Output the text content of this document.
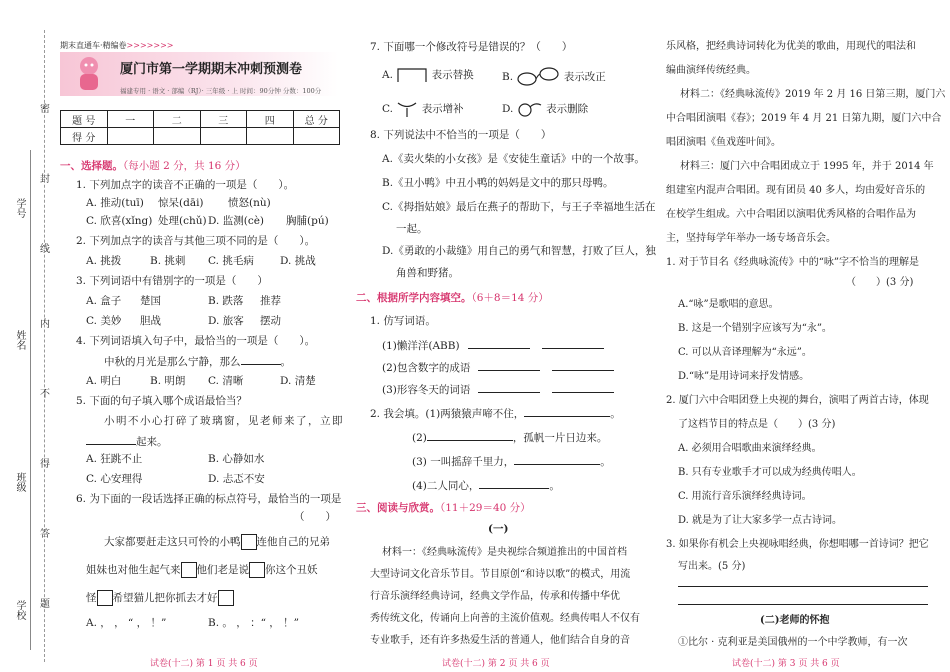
密
封
线
内
不
得
答
题
学号
姓名
班级
学校
期末直通车·精编卷>>>>>>>
厦门市第一学期期末冲刺预测卷
福建专用 · 语文 · 部编（RJ）· 三年级 · 上 时间：90分钟 分数：100分
题 号	一	二	三	四	总 分
得 分					
一、选择题。（每小题 2 分，共 16 分）
1. 下列加点字的读音不正确的一项是（　　）。
A. 推动(tuī) 惊呆(dāi) 愤怒(nù)
C. 欣喜(xǐng) 处理(chǔ) D. 监测(cè) 胸脯(pú)
2. 下列加点字的读音与其他三项不同的是（　　）。
A. 挑拨	B. 挑刺 C. 挑毛病 D. 挑战
3. 下列词语中有错别字的一项是（　　）
A. 盒子 楚国	B. 跌落 推荐
C. 美妙 胆战	D. 旅客 摆动
4. 下列词语填入句子中，最恰当的一项是（　　）。
中秋的月光是那么宁静，那么	。
A. 明白	B. 明朗 C. 清晰	D. 清楚
5. 下面的句子填入哪个成语最恰当？
小明不小心打碎了玻璃窗，见老师来了，立即
起来。
A. 狂跳不止	B. 心静如水
C. 心安理得	D. 忐忑不安
6. 为下面的一段话选择正确的标点符号，最恰当的一项是
（　　）
大家都要赶走这只可怜的小鸭 连他自己的兄弟
姐妹也对他生起气来 他们老是说 你这个丑妖
怪 希望猫儿把你抓去才好
A. ， ， “ ， ！”	B. 。 ， ：“ ， ！”
试卷(十二) 第 1 页 共 6 页
7. 下面哪一个修改符号是错误的？（　　）
A.	表示替换	B.	表示改正
C.	表示增补	D.	表示删除
8. 下列说法中不恰当的一项是（　　）
A.《卖火柴的小女孩》是《安徒生童话》中的一个故事。
B.《丑小鸭》中丑小鸭的妈妈是文中的那只母鸭。
C.《拇指姑娘》最后在燕子的帮助下，与王子幸福地生活在
一起。
D.《勇敢的小裁缝》用自己的勇气和智慧，打败了巨人，独
角兽和野猪。
二、根据所学内容填空。（6＋8＝14 分）
1. 仿写词语。
(1)懒洋洋(ABB)
(2)包含数字的成语
(3)形容冬天的词语
2. 我会填。(1)两猿猿声啼不住，	。
(2)	，孤帆一片日边来。
(3) 一叫摇辞千里力，	。
(4)二人同心，	。
三、阅读与欣赏。（11＋29＝40 分）
(一)
材料一：《经典咏流传》是央视综合频道推出的中国首档
大型诗词文化音乐节目。节目原创“和诗以歌”的模式，用流
行音乐演绎经典诗词，经典文学作品，传承和传播中华优
秀传统文化，传诵向上向善的主流价值观。经典传唱人不仅有
专业歌手，还有许多热爱生活的普通人，他们结合自身的音
试卷(十二) 第 2 页 共 6 页
乐风格，把经典诗词转化为优美的歌曲，用现代的唱法和
编曲演绎传统经典。
材料二：《经典咏流传》2019 年 2 月 16 日第三期，厦门六
中合唱团演唱《春》；2019 年 4 月 21 日第九期，厦门六中合
唱团演唱《鱼戏莲叶间》。
材料三：厦门六中合唱团成立于 1995 年，并于 2014 年
组建室内混声合唱团。现有团员 40 多人，均由爱好音乐的
在校学生组成。六中合唱团以演唱优秀风格的合唱作品为
主，坚持每学年举办一场专场音乐会。
1. 对于节目名《经典咏流传》中的“咏”字不恰当的理解是
（　　）(3 分)
A.“咏”是歌唱的意思。
B. 这是一个错别字应该写为“永”。
C. 可以从音译理解为“永远”。
D.“咏”是用诗词来抒发情感。
2. 厦门六中合唱团登上央视的舞台，演唱了两首古诗，体现
了这档节目的特点是（　　）(3 分)
A. 必须用合唱歌曲来演绎经典。
B. 只有专业歌手才可以成为经典传唱人。
C. 用流行音乐演绎经典诗词。
D. 就是为了让大家多学一点古诗词。
3. 如果你有机会上央视咏唱经典，你想唱哪一首诗词？把它
写出来。(5 分)
(二)老师的怀抱
①比尔 · 克利亚是美国俄州的一个中学教师，有一次
试卷(十二) 第 3 页 共 6 页
